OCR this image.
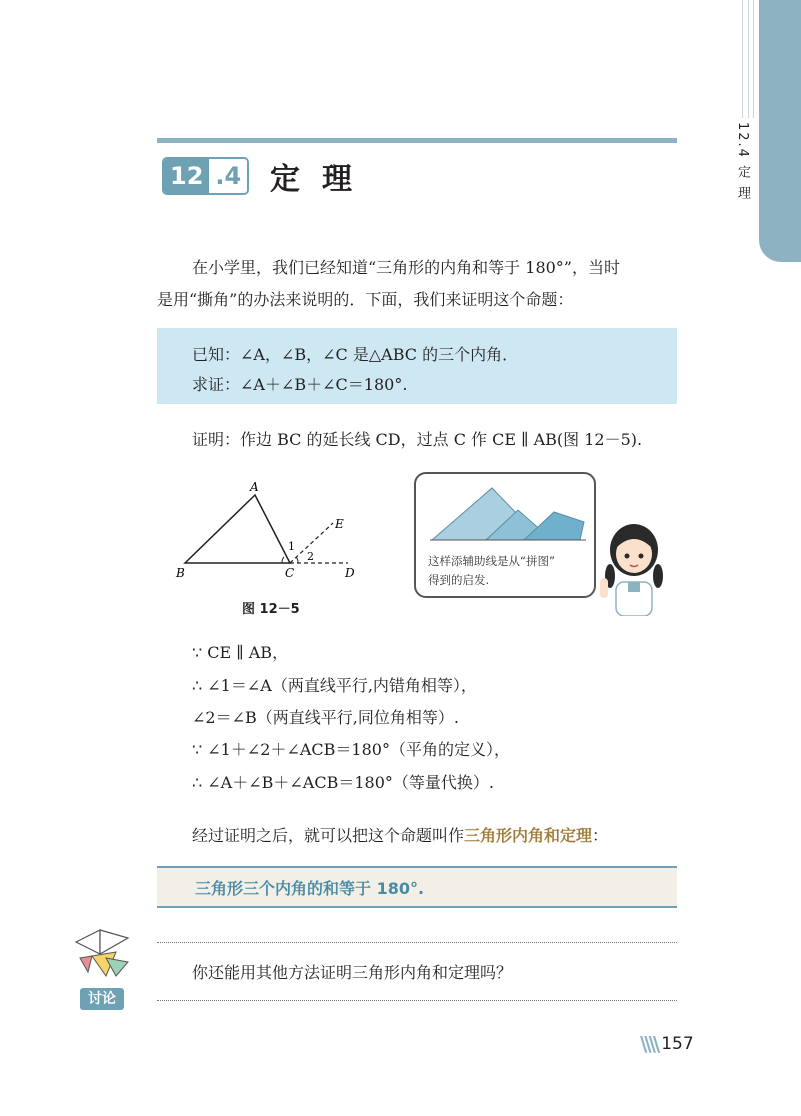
12.4 定 理
12 .4 定理
在小学里，我们已经知道“三角形的内角和等于 180°”，当时
是用“撕角”的办法来说明的．下面，我们来证明这个命题：
已知：∠A，∠B，∠C 是△ABC 的三个内角．
求证：∠A＋∠B＋∠C＝180°.
证明：作边 BC 的延长线 CD，过点 C 作 CE ∥ AB(图 12－5).
A
B	C	D
E
1
2
图 12－5
这样添辅助线是从“拼图”
得到的启发.
∵ CE ∥ AB，
∴ ∠1＝∠A（两直线平行,内错角相等），
∠2＝∠B（两直线平行,同位角相等）.
∵ ∠1＋∠2＋∠ACB＝180°（平角的定义），
∴ ∠A＋∠B＋∠ACB＝180°（等量代换）.
经过证明之后，就可以把这个命题叫作三角形内角和定理：
三角形三个内角的和等于 180°.
讨论
你还能用其他方法证明三角形内角和定理吗？
\\\\ 157
